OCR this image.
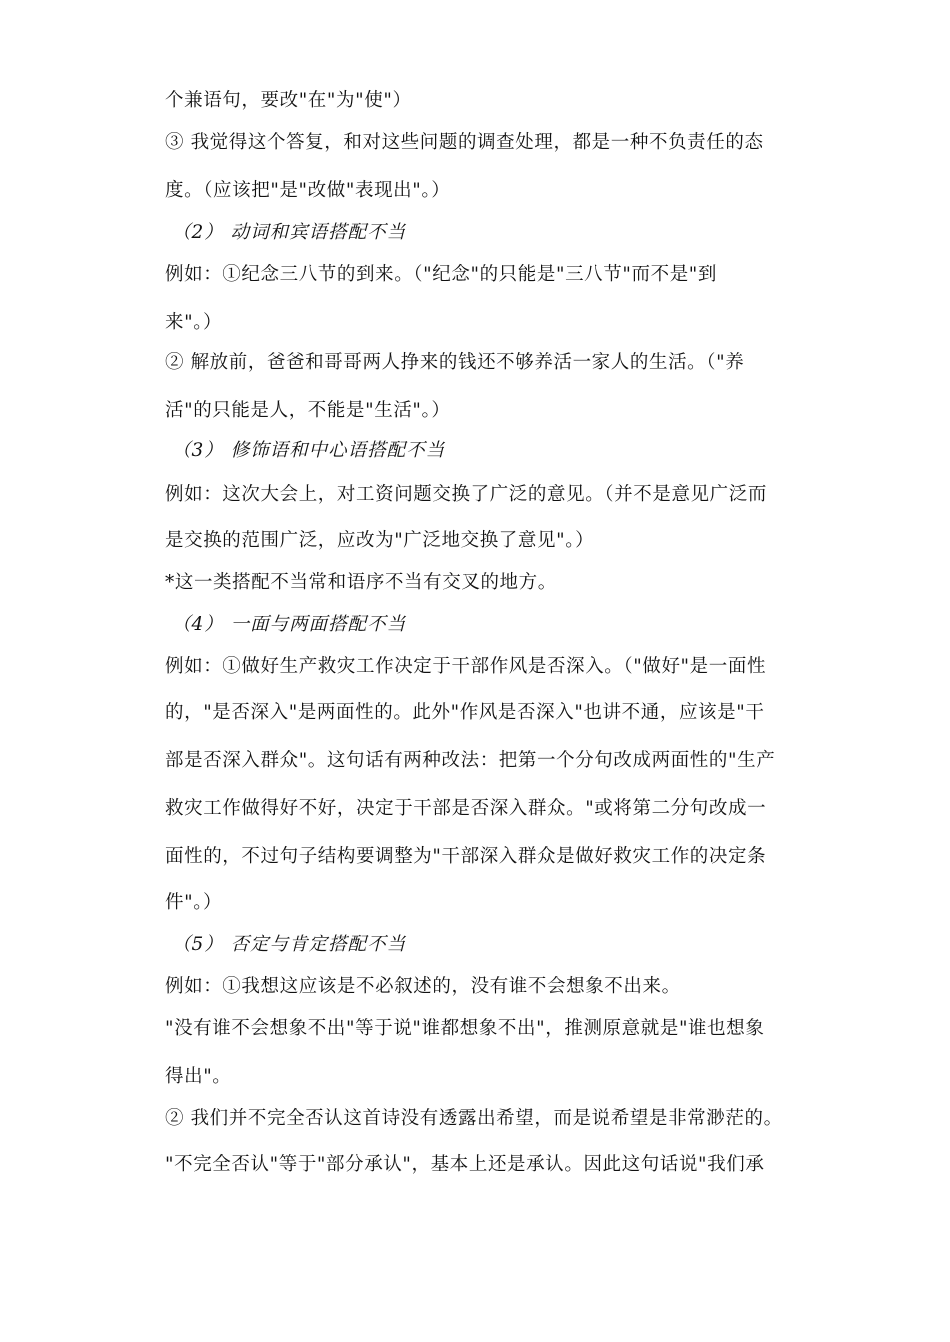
个兼语句，要改"在"为"使"）
③ 我觉得这个答复，和对这些问题的调查处理，都是一种不负责任的态
度。（应该把"是"改做"表现出"。）
（2） 动词和宾语搭配不当
例如：①纪念三八节的到来。（"纪念"的只能是"三八节"而不是"到
来"。）
② 解放前，爸爸和哥哥两人挣来的钱还不够养活一家人的生活。（"养
活"的只能是人，不能是"生活"。）
（3） 修饰语和中心语搭配不当
例如：这次大会上，对工资问题交换了广泛的意见。（并不是意见广泛而
是交换的范围广泛，应改为"广泛地交换了意见"。）
*这一类搭配不当常和语序不当有交叉的地方。
（4） 一面与两面搭配不当
例如：①做好生产救灾工作决定于干部作风是否深入。（"做好"是一面性
的，"是否深入"是两面性的。此外"作风是否深入"也讲不通，应该是"干
部是否深入群众"。这句话有两种改法：把第一个分句改成两面性的"生产
救灾工作做得好不好，决定于干部是否深入群众。"或将第二分句改成一
面性的，不过句子结构要调整为"干部深入群众是做好救灾工作的决定条
件"。）
（5） 否定与肯定搭配不当
例如：①我想这应该是不必叙述的，没有谁不会想象不出来。
"没有谁不会想象不出"等于说"谁都想象不出"，推测原意就是"谁也想象
得出"。
② 我们并不完全否认这首诗没有透露出希望，而是说希望是非常渺茫的。
"不完全否认"等于"部分承认"，基本上还是承认。因此这句话说"我们承
